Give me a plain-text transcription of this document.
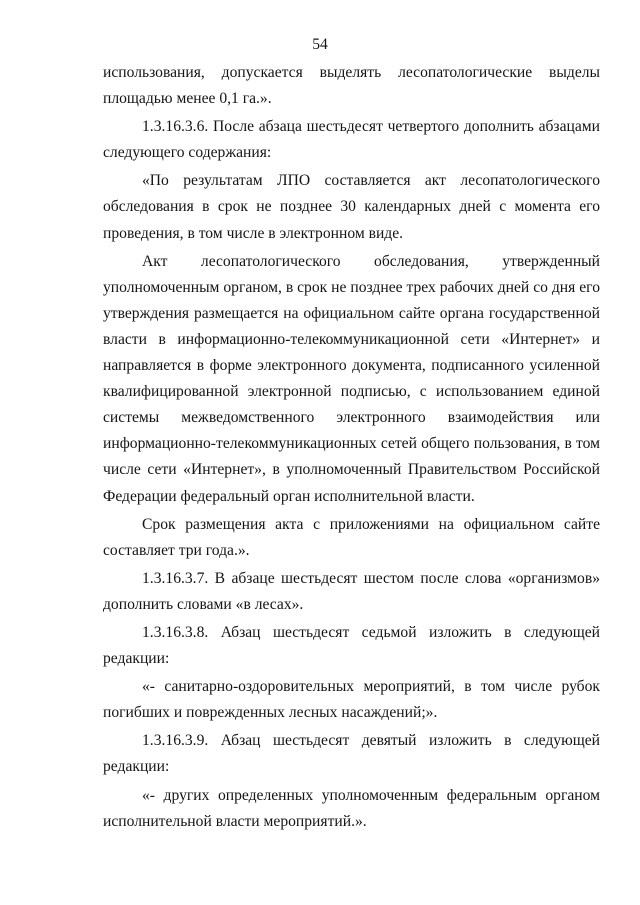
54
использования, допускается выделять лесопатологические выделы
площадью менее 0,1 га.».
1.3.16.3.6. После абзаца шестьдесят четвертого дополнить абзацами
следующего содержания:
«По результатам ЛПО составляется акт лесопатологического
обследования в срок не позднее 30 календарных дней с момента его
проведения, в том числе в электронном виде.
Акт лесопатологического обследования, утвержденный
уполномоченным органом, в срок не позднее трех рабочих дней со дня его
утверждения размещается на официальном сайте органа государственной
власти в информационно-телекоммуникационной сети «Интернет» и
направляется в форме электронного документа, подписанного усиленной
квалифицированной электронной подписью, с использованием единой
системы межведомственного электронного взаимодействия или
информационно-телекоммуникационных сетей общего пользования, в том
числе сети «Интернет», в уполномоченный Правительством Российской
Федерации федеральный орган исполнительной власти.
Срок размещения акта с приложениями на официальном сайте
составляет три года.».
1.3.16.3.7. В абзаце шестьдесят шестом после слова «организмов»
дополнить словами «в лесах».
1.3.16.3.8. Абзац шестьдесят седьмой изложить в следующей
редакции:
«- санитарно-оздоровительных мероприятий, в том числе рубок
погибших и поврежденных лесных насаждений;».
1.3.16.3.9. Абзац шестьдесят девятый изложить в следующей
редакции:
«- других определенных уполномоченным федеральным органом
исполнительной власти мероприятий.».
